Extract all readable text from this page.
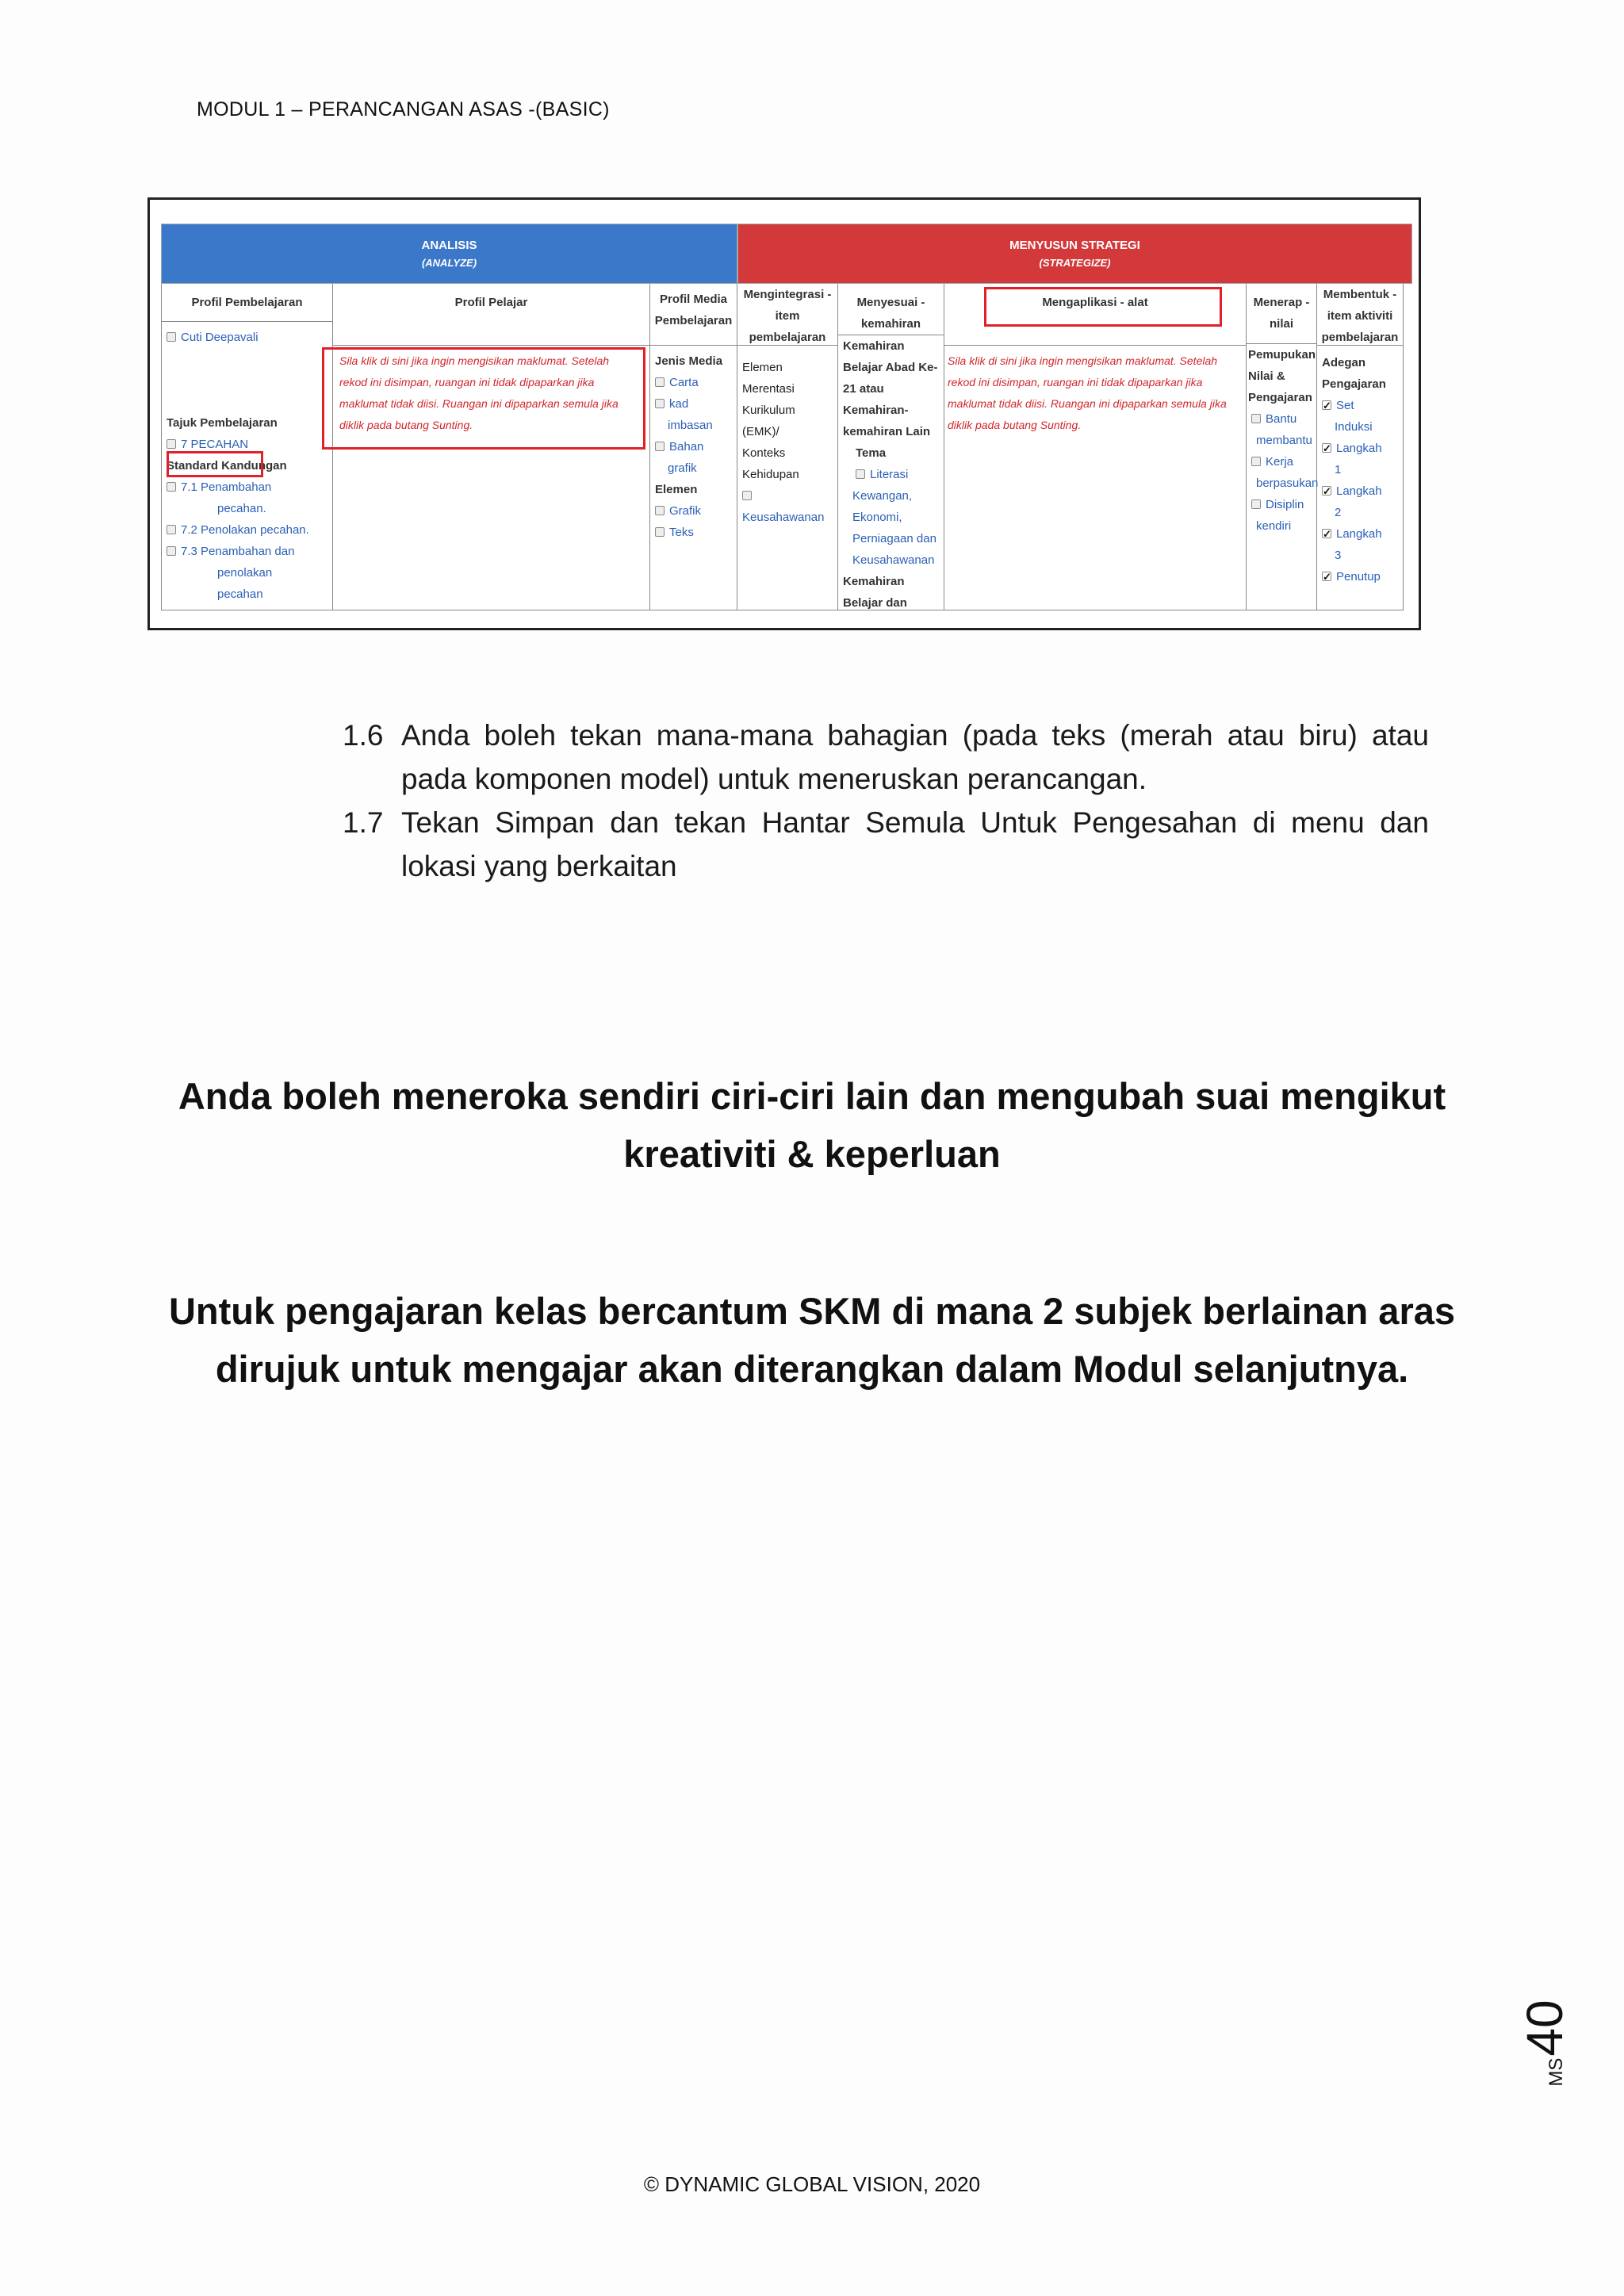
MODUL 1 – PERANCANGAN ASAS -(BASIC)
ANALISIS
(ANALYZE)
MENYUSUN STRATEGI
(STRATEGIZE)
Profil Pembelajaran
Cuti Deepavali
Tajuk Pembelajaran
7 PECAHAN
Standard Kandungan
7.1 Penambahan
pecahan.
7.2 Penolakan pecahan.
7.3 Penambahan dan
penolakan
pecahan
Profil Pelajar
Sila klik di sini jika ingin mengisikan maklumat. Setelah rekod ini disimpan, ruangan ini tidak dipaparkan jika maklumat tidak diisi. Ruangan ini dipaparkan semula jika diklik pada butang Sunting.
Profil Media
Pembelajaran
Jenis Media
Carta
kad
imbasan
Bahan
grafik
Elemen
Grafik
Teks
Mengintegrasi -
item
pembelajaran
Elemen
Merentasi
Kurikulum
(EMK)/
Konteks
Kehidupan
Keusahawanan
Menyesuai -
kemahiran
Kemahiran
Belajar Abad Ke-
21 atau
Kemahiran-
kemahiran Lain
Tema
Literasi
Kewangan,
Ekonomi,
Perniagaan dan
Keusahawanan
Kemahiran
Belajar dan
Mengaplikasi - alat
Sila klik di sini jika ingin mengisikan maklumat. Setelah rekod ini disimpan, ruangan ini tidak dipaparkan jika maklumat tidak diisi. Ruangan ini dipaparkan semula jika diklik pada butang Sunting.
Menerap -
nilai
Pemupukan
Nilai &
Pengajaran
Bantu
membantu
Kerja
berpasukan
Disiplin
kendiri
Membentuk -
item aktiviti
pembelajaran
Adegan
Pengajaran
✓Set
Induksi
✓Langkah
1
✓Langkah
2
✓Langkah
3
✓Penutup
1.6 Anda boleh tekan mana-mana bahagian (pada teks (merah atau biru) atau pada komponen model) untuk meneruskan perancangan.
1.7 Tekan Simpan dan tekan Hantar Semula Untuk Pengesahan di menu dan lokasi yang berkaitan
Anda boleh meneroka sendiri ciri-ciri lain dan mengubah suai mengikut kreativiti & keperluan
Untuk pengajaran kelas bercantum SKM di mana 2 subjek berlainan aras dirujuk untuk mengajar akan diterangkan dalam Modul selanjutnya.
MS
40
© DYNAMIC GLOBAL VISION, 2020
